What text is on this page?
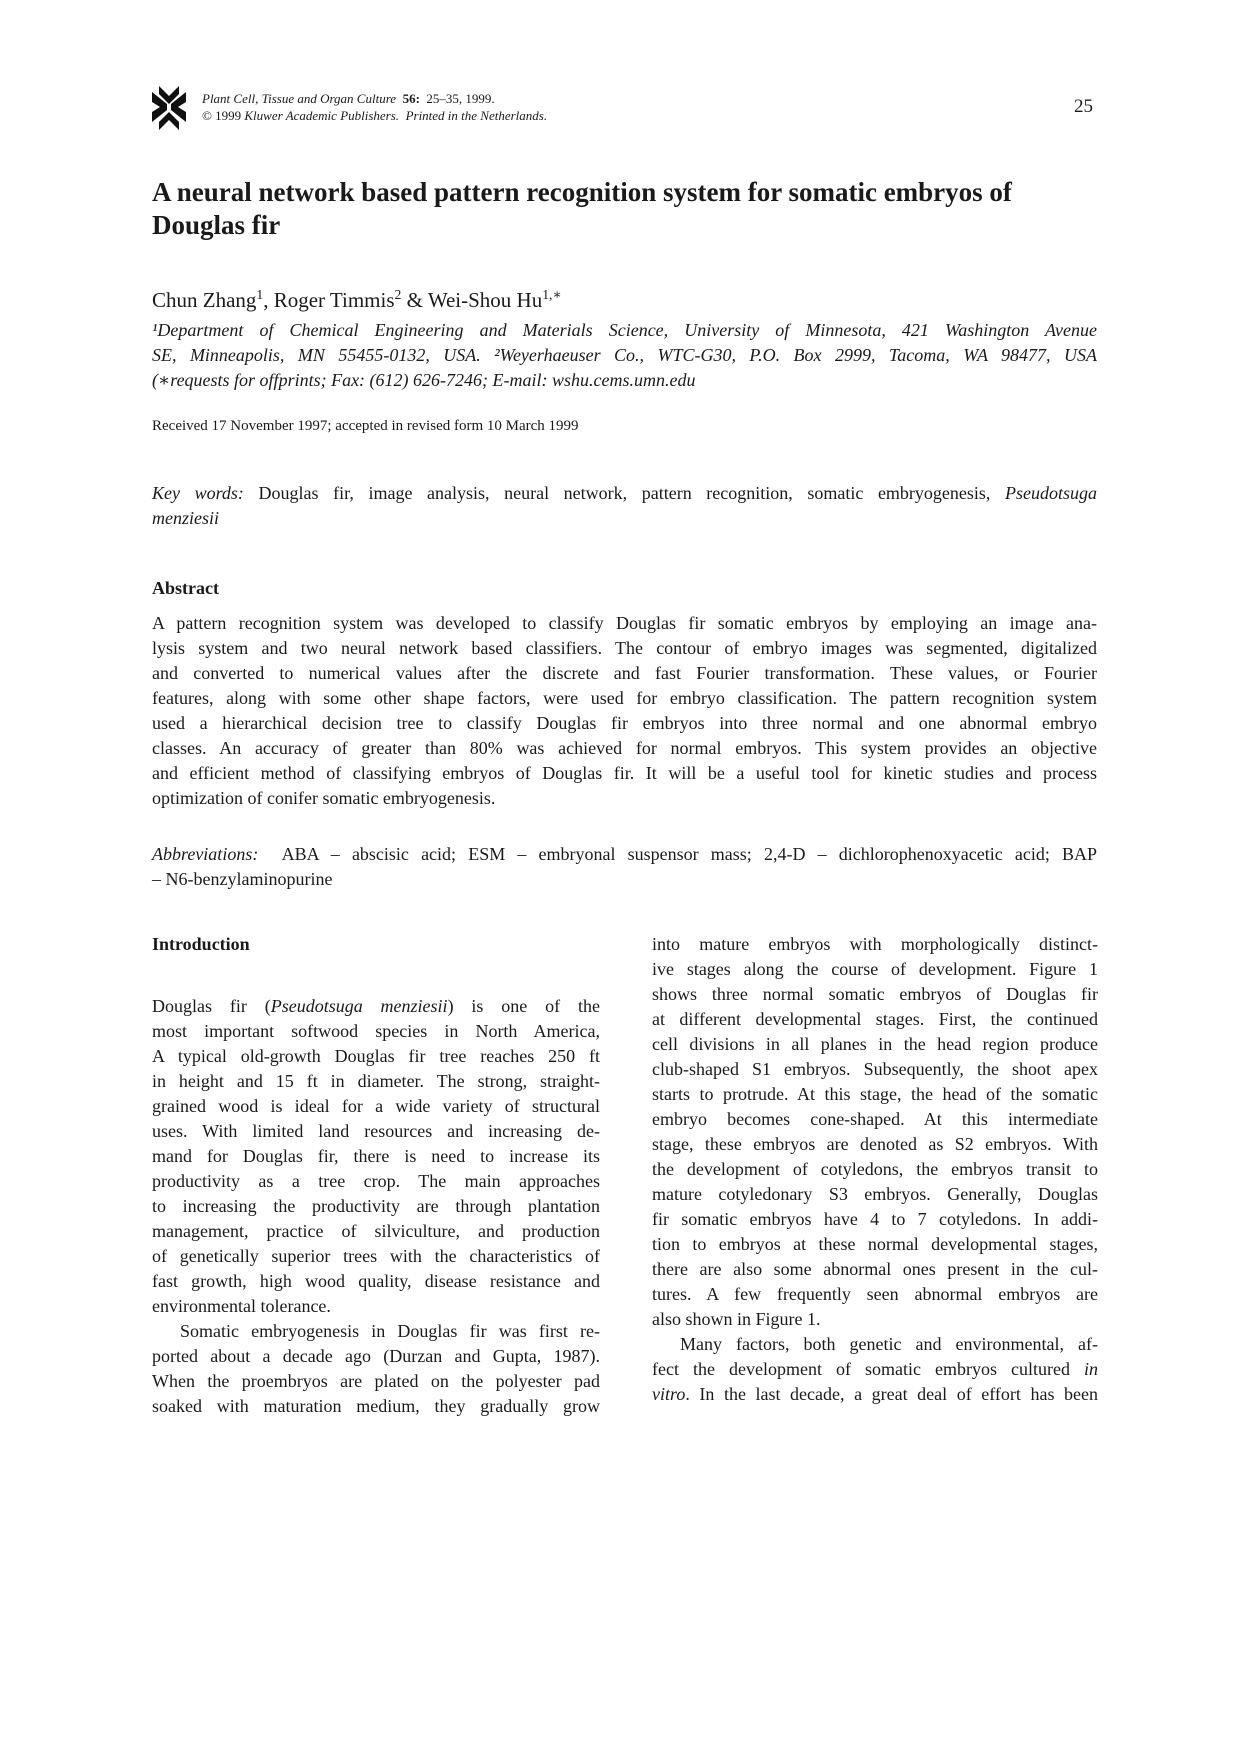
Plant Cell, Tissue and Organ Culture 56: 25–35, 1999.
© 1999 Kluwer Academic Publishers. Printed in the Netherlands.	25
A neural network based pattern recognition system for somatic embryos of Douglas fir
Chun Zhang$^1$, Roger Timmis$^2$ & Wei-Shou $Hu^{1,∗}$
¹Department of Chemical Engineering and Materials Science, University of Minnesota, 421 Washington Avenue
SE, Minneapolis, MN 55455-0132, USA. ²Weyerhaeuser Co., WTC-G30, P.O. Box 2999, Tacoma, WA 98477, USA
(∗requests for offprints; Fax: (612) 626-7246; E-mail: wshu.cems.umn.edu
Received 17 November 1997; accepted in revised form 10 March 1999
Key words: Douglas fir, image analysis, neural network, pattern recognition, somatic embryogenesis, Pseudotsuga
menziesii
Abstract
A pattern recognition system was developed to classify Douglas fir somatic embryos by employing an image ana-
lysis system and two neural network based classifiers. The contour of embryo images was segmented, digitalized
and converted to numerical values after the discrete and fast Fourier transformation. These values, or Fourier
features, along with some other shape factors, were used for embryo classification. The pattern recognition system
used a hierarchical decision tree to classify Douglas fir embryos into three normal and one abnormal embryo
classes. An accuracy of greater than 80% was achieved for normal embryos. This system provides an objective
and efficient method of classifying embryos of Douglas fir. It will be a useful tool for kinetic studies and process
optimization of conifer somatic embryogenesis.
Abbreviations: ABA – abscisic acid; ESM – embryonal suspensor mass; 2,4-D – dichlorophenoxyacetic acid; BAP
– N6-benzylaminopurine
Introduction
Douglas fir (Pseudotsuga menziesii) is one of the
most important softwood species in North America,
A typical old-growth Douglas fir tree reaches 250 ft
in height and 15 ft in diameter. The strong, straight-
grained wood is ideal for a wide variety of structural
uses. With limited land resources and increasing de-
mand for Douglas fir, there is need to increase its
productivity as a tree crop. The main approaches
to increasing the productivity are through plantation
management, practice of silviculture, and production
of genetically superior trees with the characteristics of
fast growth, high wood quality, disease resistance and
environmental tolerance.
Somatic embryogenesis in Douglas fir was first re-
ported about a decade ago (Durzan and Gupta, 1987).
When the proembryos are plated on the polyester pad
soaked with maturation medium, they gradually grow
into mature embryos with morphologically distinct-
ive stages along the course of development. Figure 1
shows three normal somatic embryos of Douglas fir
at different developmental stages. First, the continued
cell divisions in all planes in the head region produce
club-shaped S1 embryos. Subsequently, the shoot apex
starts to protrude. At this stage, the head of the somatic
embryo becomes cone-shaped. At this intermediate
stage, these embryos are denoted as S2 embryos. With
the development of cotyledons, the embryos transit to
mature cotyledonary S3 embryos. Generally, Douglas
fir somatic embryos have 4 to 7 cotyledons. In addi-
tion to embryos at these normal developmental stages,
there are also some abnormal ones present in the cul-
tures. A few frequently seen abnormal embryos are
also shown in Figure 1.
Many factors, both genetic and environmental, af-
fect the development of somatic embryos cultured in
vitro. In the last decade, a great deal of effort has been
